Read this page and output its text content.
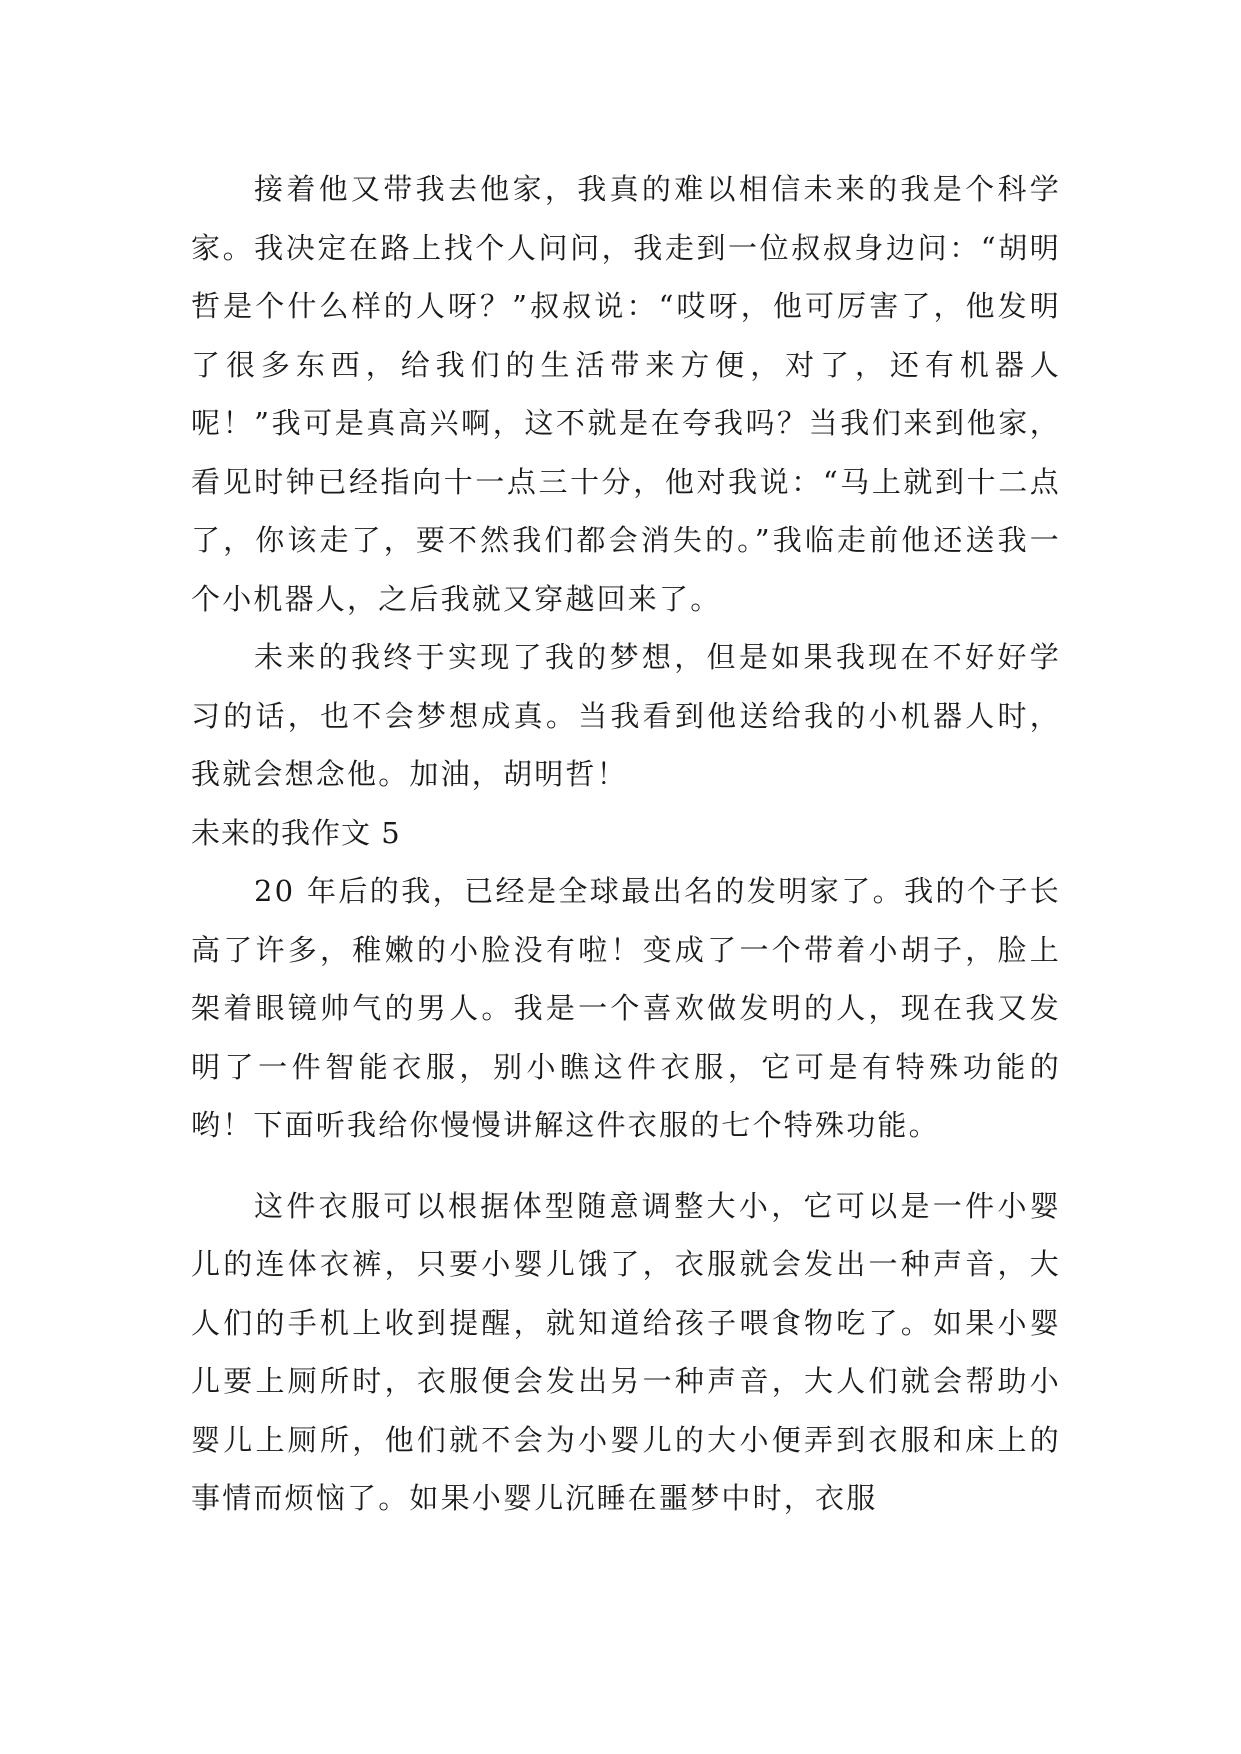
接着他又带我去他家，我真的难以相信未来的我是个科学家。我决定在路上找个人问问，我走到一位叔叔身边问：“胡明哲是个什么样的人呀？”叔叔说：“哎呀，他可厉害了，他发明了很多东西，给我们的生活带来方便，对了，还有机器人呢！”我可是真高兴啊，这不就是在夸我吗？当我们来到他家，看见时钟已经指向十一点三十分，他对我说：“马上就到十二点了，你该走了，要不然我们都会消失的。”我临走前他还送我一个小机器人，之后我就又穿越回来了。

未来的我终于实现了我的梦想，但是如果我现在不好好学习的话，也不会梦想成真。当我看到他送给我的小机器人时，我就会想念他。加油，胡明哲！

未来的我作文 5

20 年后的我，已经是全球最出名的发明家了。我的个子长高了许多，稚嫩的小脸没有啦！变成了一个带着小胡子，脸上架着眼镜帅气的男人。我是一个喜欢做发明的人，现在我又发明了一件智能衣服，别小瞧这件衣服，它可是有特殊功能的哟！下面听我给你慢慢讲解这件衣服的七个特殊功能。

这件衣服可以根据体型随意调整大小，它可以是一件小婴儿的连体衣裤，只要小婴儿饿了，衣服就会发出一种声音，大人们的手机上收到提醒，就知道给孩子喂食物吃了。如果小婴儿要上厕所时，衣服便会发出另一种声音，大人们就会帮助小婴儿上厕所，他们就不会为小婴儿的大小便弄到衣服和床上的事情而烦恼了。如果小婴儿沉睡在噩梦中时，衣服
